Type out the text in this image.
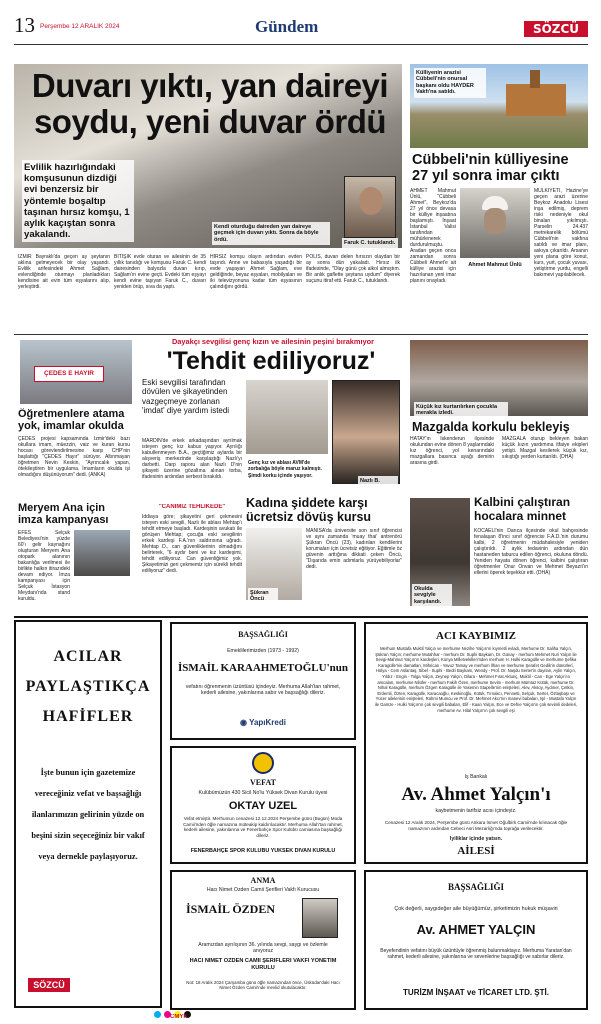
13 Perşembe 12 ARALIK 2024	Gündem	SÖZCÜ
Duvarı yıktı, yan daireyi soydu, yeni duvar ördü
Evlilik hazırlığındaki komşusunun dizdiği evi benzersiz bir yöntemle boşaltıp taşınan hırsız komşu, 1 aylık kaçıştan sonra yakalandı.
Kendi oturduğu daireden yan daireye geçmek için duvarı yıktı. Sonra da böyle ördü.
Faruk C. tutuklandı.
İZMİR Bayraklı'da geçen ay şeytanın aklına gelmeyecek bir olay yaşandı. Evlilik arifesindeki Ahmet Sağlam, evlendiğinde oturmayı planladıkları kendisine ait evin tüm eşyalarını alıp, yerleştirdi.
BİTİŞİK evde oturan ve ailesinin de 35 yıllık tanıdığı ve komşusu Faruk C. kendi dairesinden balyozla duvarı kırıp, Sağlam'ın evine geçti. Evdeki tüm eşyayı kendi evine taşıyan Faruk C., duvarı yeniden örüp, sıva da yaptı.
HIRSIZ komşu olayın ardından evden taşındı. Anne ve babasıyla yaşadığı bir evde yaşayan Ahmet Sağlam, eve geldiğinde, beyaz eşyaları, mobilyaları ve iki televizyonuna kadar tüm eşyasının çalındığını gördü.
POLİS, duvarı delen hırsızın olaydan bir ay sonra dün yakaladı. Hırsız ilk ifadesinde, "Olay günü çok alkol almıştım. Bir anlık gaflette şeytana uydum" diyerek suçunu itiraf etti. Faruk C., tutuklandı.
Külliyenin arazisi Cübbeli'nin onursal başkanı oldu HAYDER Vakfı'na satıldı.
Cübbeli'nin külliyesine 27 yıl sonra imar çıktı
AHMET Mahmut Ünlü, "Cübbeli Ahmet", Beykoz'da 27 yıl önce devasa bir külliye inşaatına başlamıştı. İnşaat İstanbul Valisi tarafından mühürlenerek durdurulmuştu. Aradan geçen onca zamandan sonra Cübbeli Ahmet'e ait külliye arazisi için hazırlanan yeni imar planını onayladı.
Ahmet Mahmut Ünlü
MÜLKİYETİ, Hazine'ye geçen arazi üzerine Beykoz Anadolu Lisesi inşa edilmiş, deprem riski nedeniyle okul binaları yıkılmıştı. Parselin 24.437 metrekarelik bölümü Cübbeli'nin vakfına satıldı ve imar planı, askıya çıkarıldı. Arsanın yeni plana göre konut, kurs, yurt, çocuk yuvası, yetiştirme yurdu, engelli bakımevi yapılabilecek.
ÇEDES E HAYIR
Öğretmenlere atama yok, imamlar okulda
ÇEDES projesi kapsamında İzmir'deki bazı okullara imam, müezzin, vaiz ve kuran kursu hocası görevlendirilmesine karşı CHP'nin başlattığı "ÇEDES Hayır" sürüyor. Altınmayan öğretmen Nevin Keskin, "Ayrıncalık yapan, ötekileştiren bir uygulama. İmamların okulda işi olmadığını düşünüyorum" dedi. (ANKA)
Meryem Ana için imza kampanyası
EFES Selçuk Belediyesi'nin yüzde 60'ı gelir kaynağını oluşturan Meryem Ana otopark alanının bakanlığa verilmesi ile birlikte halkın itirazıdeki devam ediyor. İmza kampanyası için Selçuk İstasyon Meydanı'nda stand kuruldu.
Dayakçı sevgilisi genç kızın ve ailesinin peşini bırakmıyor
'Tehdit ediliyoruz'
Eski sevgilisi tarafından dövülen ve şikayetinden vazgeçmeye zorlanan 'imdat' diye yardım istedi
Nazlı B.
Genç kız ve ablası AVM'de zorbalığa böyle maruz kalmıştı. Şimdi korku içinde yaşıyor.
MARDİN'de erkek arkadaşından ayrılmak isteyen genç kız kabus yaşıyor. Ayrılığı kabullenmeyen B.A., geçtiğimiz aylarda bir alışveriş merkezinde karşılaştığı Nazlı'yı darbetti. Darp raporu alan Nazlı D'nin şikayeti üzerine gözaltına alınan torba, ifadesinin ardından serbest bırakıldı.
"CANIMIZ TEHLİKEDE"
İddiaya göre; şikayetini geri çekmesini isteyen eski sevgili, Nazlı ile ablası Mehtap'ı tehdit etmeye başladı. Kardeşinin avukatı ile görüşen Mehtap; çocuğa eski sevgilinin erkek kardeşi F.A.'nın saldırısına uğradı. Mehtap D., can güvenliklerinin olmadığını belirterek, "6 aydır beni ve kız kardeşimi, tehdit ediliyoruz. Can güvenliğimiz yok. Şikayetimizi geri çekmemiz için sürekli tehdit ediliyoruz" dedi.
Kadına şiddete karşı ücretsiz dövüş kursu
Şükran Öncü
MANİSA'da üniversite son sınıf öğrencisi ve aynı zamanda 'muay thai' antrenörü Şükran Öncü (23), kadınları kendilerini korumaları için ücretsiz eğitiyor. Eğitimle öz güvenin arttığına dikkati çeken Öncü, "Dışarıda emin adımlarla yürüyebiliyorlar" dedi.
Küçük kız kurtarılırken çocukla merakla izledi.
Mazgalda korkulu bekleyiş
HATAY'ın İskenderun ilçesinde okulundan evine dönen 8 yaşlarındaki kız öğrenci, yol kenarındaki mazgallara basınca ayağı demirin arasına girdi.
MAZGALA oturup bekleyen bakan küçük kızın yardımına itfaiye ekipleri yetişti. Mazgal kesilerek küçük kız, sıkıştığı yerden kurtarıldı. (DHA)
Kalbini çalıştıran hocalara minnet
Okulda sevgiyle karşılandı.
KOCAELİ'nin Darıca ilçesinde okul bahçesinde fenalaşan 8'inci sınıf öğrencisi F.A.D.'nin durumu kalbi, 2 öğretmenin müdahalesiyle yeniden çalıştırıldı. 2 aylık tedavinin ardından dün hastaneden taburcu edilen öğrenci, okuluna döndü. Yeniden hayata dönen öğrenci, kalbini çalıştıran öğretmenler Onur Onvan ve Mehmet Beyazıt'ın ellerini öperek teşekkür etti. (DHA)
ACILAR
PAYLAŞTIKÇA
HAFİFLER
İşte bunun için gazetemize vereceğiniz vefat ve başsağlığı ilanlarımızın gelirinin yüzde on beşini sizin seçeceğiniz bir vakıf veya dernekle paylaşıyoruz.
SÖZCÜ
BAŞSAĞLIĞI
Emeklilerimizden (1973 - 1992)
İSMAİL KARAAHMETOĞLU'nun
vefatını öğrenmenin üzüntüsü içindeyiz. Merhuma Allah'tan rahmet, kederli ailesine, yakınlarına sabır ve başsağlığı dileriz.
◉ YapıKredi
VEFAT
Kulübümüzün 430 Sicil No'lu Yüksek Divan Kurulu üyesi
OKTAY UZEL
Vefat etmiştir. Merhumun cenazesi 12.12.2024 Perşembe günü (Bugün) Moda Camii'nden öğle namazına müteakip kaldırılacaktır. Merhuma Allah'tan rahmet, kederli ailesine, yakınlarına ve Fenerbahçe Spor Kulübü camiasına başsağlığı dileriz.
FENERBAHÇE SPOR KULÜBÜ YÜKSEK DİVAN KURULU
ANMA
Hacı Nimet Özden Camii Şerifleri Vakfı Kurucusu
İSMAİL ÖZDEN
Aramızdan ayrılışının 36. yılında sevgi, saygı ve özlemle anıyoruz
HACI NİMET ÖZDEN CAMİİ ŞERİFLERİ VAKFI YÖNETİM KURULU
Not: 18 Aralık 2024 Çarşamba günü öğle namazından önce, Üsküdar'daki Hacı Nimet Özden Camii'nde mevlid okutulacaktır.
ACI KAYBIMIZ
Merhum Mustafa Muktil Yalçın ve merhume Nezihe Yalçın'ın kıymetli evladı, Merhume Dr. Saliha Yalçın, Şükran Yalçın; merhume Mutahhar - merhum Dr. Suphi Baykam, Dr. Günay - merhum Mehmet Nuri Yalçın ile Sevgi-Mahmut Yalçın'ın kardeşleri, Konya Milletvekilleri'nden merhum H. Hulki Karagülle ve merhume Şefika Karagülle'nin damatları, Mihrican - Yavuz Tamay ve merhum İlhan ve merhume Şerafet Gedik'in dünürleri, Hülya - Cem Aslantaş, Sibel - Suphi - Bedri Baykam, Wendy - Prof. Dr. Naşdu Serter'in dayıları, Aylin Yalçın, Yıldız - Engin - Tolga Yalçın, Zeynep Yalçın, Dilara - Mehmet Fırat Aktunç, Muktil - Can - Ege Yalçın'ın amcaları, merhume Nilüfer - merhum Fakih Özen, merhume Sevim - merhum Mümtaz Kütük, merhume Dr. Nihal Karagülle, merhum Özgen Karagülle ile Yasemin Stapelle'nin enişteleri, Alev, Aksoy, Aydıner, Çetkin, Erdemli, Özten, Karagülle, Karacaoğlu, Keskinoğlu, Kütük, Tırnakcı, Pennetti, Selçuk, Serter, Öztaşbaşı ve Yücer ailelerinin enişteleri, Rahmi Mumcu ve Prof. Dr. Mehmet Akcı'nın manevi babaları, Işıl - Mustafa Yalçın ile Gamze - Hulki Yalçın'ın çok sevgili babaları, Elif - Kaan Yalçın, Ece ve Defne Yalçın'ın çok sevimli dedeleri, merhume Av. Hilal Yalçın'ın çok sevgili eşi
İş Bankalı
Av. Ahmet Yalçın'ı
kaybetmenin tarifsiz acısı içindeyiz.
Cenazesi 12 Aralık 2024, Perşembe günü Ankara İsmet Oğulbirk Camii'nde kılınacak öğle namazının ardından Cebeci Asri Mezarlığı'nda toprağa verilecektir.
İyiliklar içinde yatsın.
AİLESİ
BAŞSAĞLIĞI
Çok değerli, saygıdeğer aile büyüğümüz, şirketimizin hukuk müşaviri
Av. AHMET YALÇIN
Beyefendinin vefatını büyük üzüntüyle öğrenmiş bulunmaktayız. Merhuma Yaratan'dan rahmet, kederli ailesine, yakınlarına ve sevenlerine başsağlığı ve sabırlar dileriz.
TURİZM İNŞAAT ve TİCARET LTD. ŞTİ.
CMYK
